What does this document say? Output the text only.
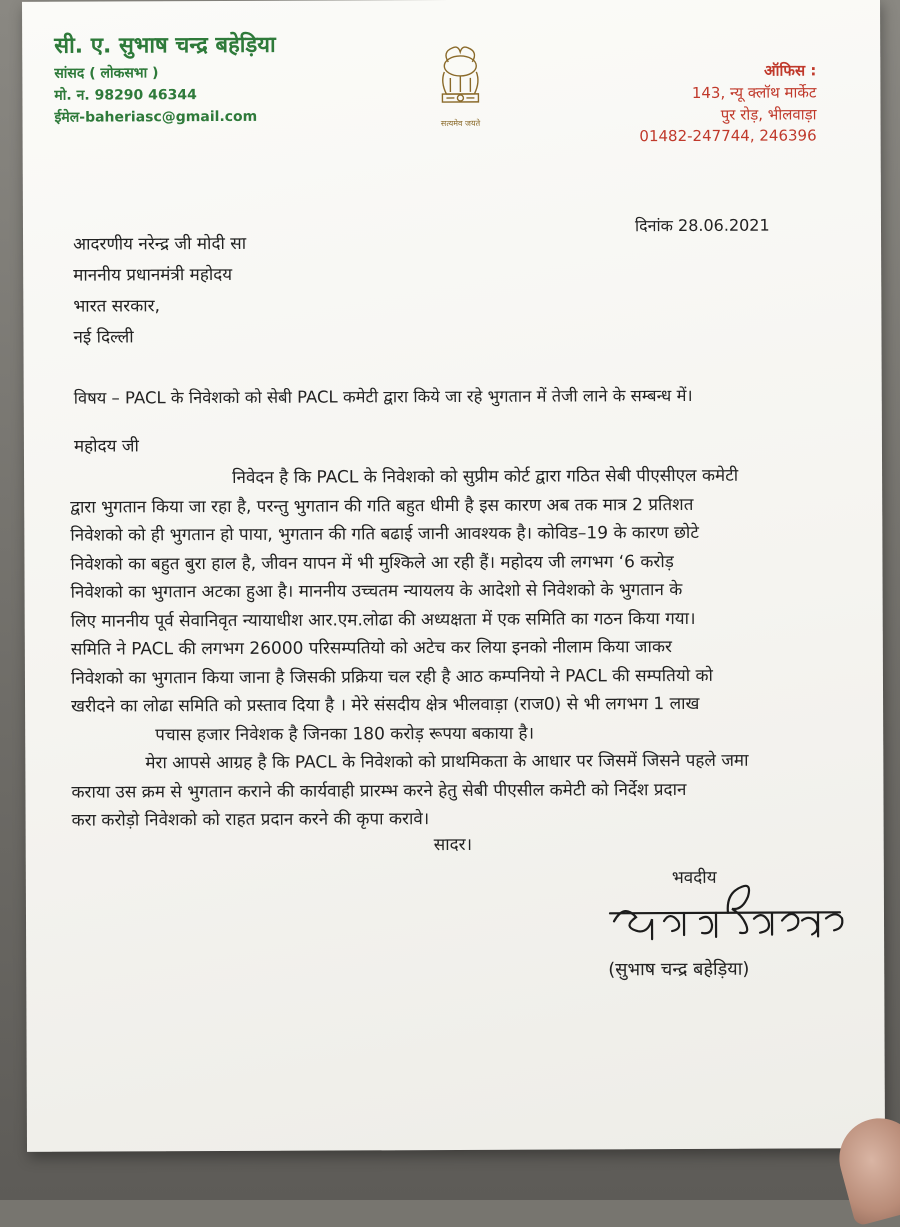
सी. ए. सुभाष चन्द्र बहेड़िया
सांसद ( लोकसभा )
मो. न. 98290 46344
ईमेल-baheriasc@gmail.com	सत्यमेव जयते
ऑफिस :
143, न्यू क्लॉथ मार्केट
पुर रोड़, भीलवाड़ा
01482-247744, 246396
दिनांक 28.06.2021
आदरणीय नरेन्द्र जी मोदी सा
माननीय प्रधानमंत्री महोदय
भारत सरकार,
नई दिल्ली
विषय – PACL के निवेशको को सेबी PACL कमेटी द्वारा किये जा रहे भुगतान में तेजी लाने के सम्बन्ध में।
महोदय जी
निवेदन है कि PACL के निवेशको को सुप्रीम कोर्ट द्वारा गठित सेबी पीएसीएल कमेटी
द्वारा भुगतान किया जा रहा है, परन्तु भुगतान की गति बहुत धीमी है इस कारण अब तक मात्र 2 प्रतिशत
निवेशको को ही भुगतान हो पाया, भुगतान की गति बढाई जानी आवश्यक है। कोविड–19 के कारण छोटे
निवेशको का बहुत बुरा हाल है, जीवन यापन में भी मुश्किले आ रही हैं। महोदय जी लगभग ‘6 करोड़
निवेशको का भुगतान अटका हुआ है। माननीय उच्चतम न्यायलय के आदेशो से निवेशको के भुगतान के
लिए माननीय पूर्व सेवानिवृत न्यायाधीश आर.एम.लोढा की अध्यक्षता में एक समिति का गठन किया गया।
समिति ने PACL की लगभग 26000 परिसम्पतियो को अटेच कर लिया इनको नीलाम किया जाकर
निवेशको का भुगतान किया जाना है जिसकी प्रक्रिया चल रही है आठ कम्पनियो ने PACL की सम्पतियो को
खरीदने का लोढा समिति को प्रस्ताव दिया है । मेरे संसदीय क्षेत्र भीलवाड़ा (राज0) से भी लगभग 1 लाख
पचास हजार निवेशक है जिनका 180 करोड़ रूपया बकाया है।
मेरा आपसे आग्रह है कि PACL के निवेशको को प्राथमिकता के आधार पर जिसमें जिसने पहले जमा
कराया उस क्रम से भुगतान कराने की कार्यवाही प्रारम्भ करने हेतु सेबी पीएसील कमेटी को निर्देश प्रदान
करा करोड़ो निवेशको को राहत प्रदान करने की कृपा करावे।
सादर।
भवदीय
सुभाष बहेड़िया
(सुभाष चन्द्र बहेड़िया)
